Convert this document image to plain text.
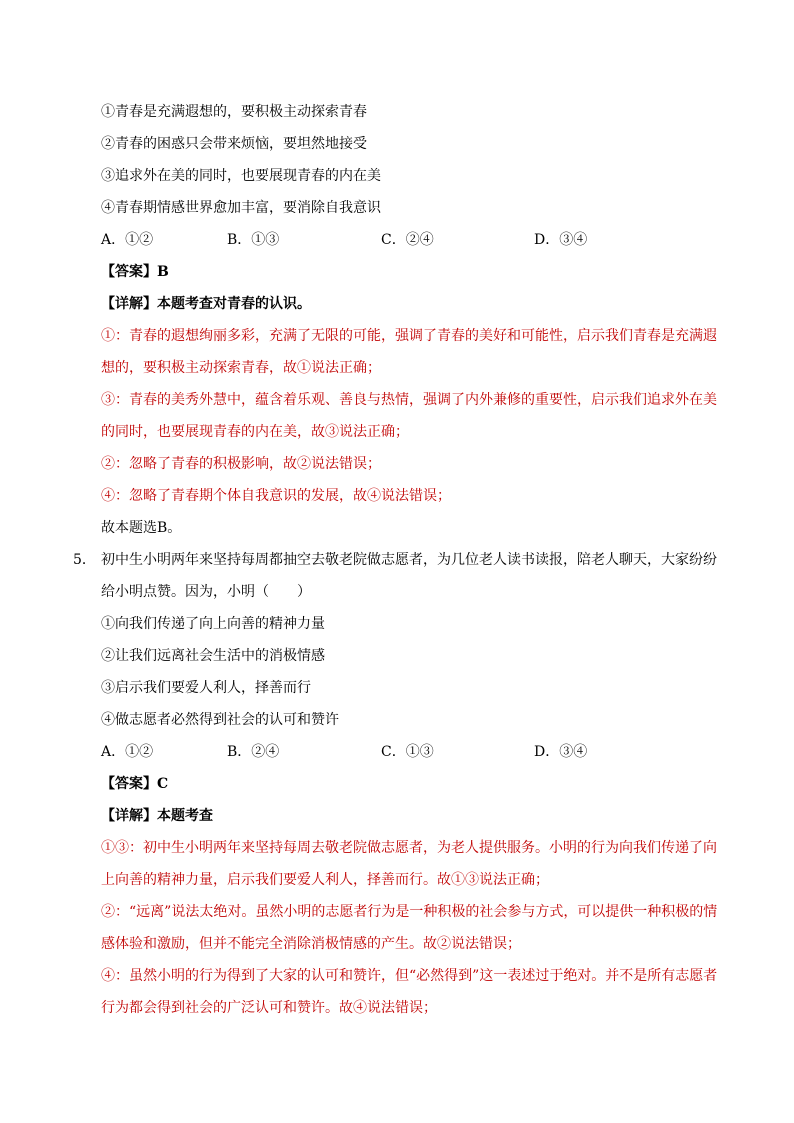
①青春是充满遐想的，要积极主动探索青春
②青春的困惑只会带来烦恼，要坦然地接受
③追求外在美的同时，也要展现青春的内在美
④青春期情感世界愈加丰富，要消除自我意识
A．①②	B．①③	C．②④	D．③④
【答案】B
【详解】本题考查对青春的认识。
①：青春的遐想绚丽多彩，充满了无限的可能，强调了青春的美好和可能性，启示我们青春是充满遐
想的，要积极主动探索青春，故①说法正确；
③：青春的美秀外慧中，蕴含着乐观、善良与热情，强调了内外兼修的重要性，启示我们追求外在美
的同时，也要展现青春的内在美，故③说法正确；
②：忽略了青春的积极影响，故②说法错误；
④：忽略了青春期个体自我意识的发展，故④说法错误；
故本题选B。
5． 初中生小明两年来坚持每周都抽空去敬老院做志愿者，为几位老人读书读报，陪老人聊天，大家纷纷
给小明点赞。因为，小明（　　）
①向我们传递了向上向善的精神力量
②让我们远离社会生活中的消极情感
③启示我们要爱人利人，择善而行
④做志愿者必然得到社会的认可和赞许
A．①②	B．②④	C．①③	D．③④
【答案】C
【详解】本题考查
①③：初中生小明两年来坚持每周去敬老院做志愿者，为老人提供服务。小明的行为向我们传递了向
上向善的精神力量，启示我们要爱人利人，择善而行。故①③说法正确；
②：“远离”说法太绝对。虽然小明的志愿者行为是一种积极的社会参与方式，可以提供一种积极的情
感体验和激励，但并不能完全消除消极情感的产生。故②说法错误；
④：虽然小明的行为得到了大家的认可和赞许，但“必然得到”这一表述过于绝对。并不是所有志愿者
行为都会得到社会的广泛认可和赞许。故④说法错误；
